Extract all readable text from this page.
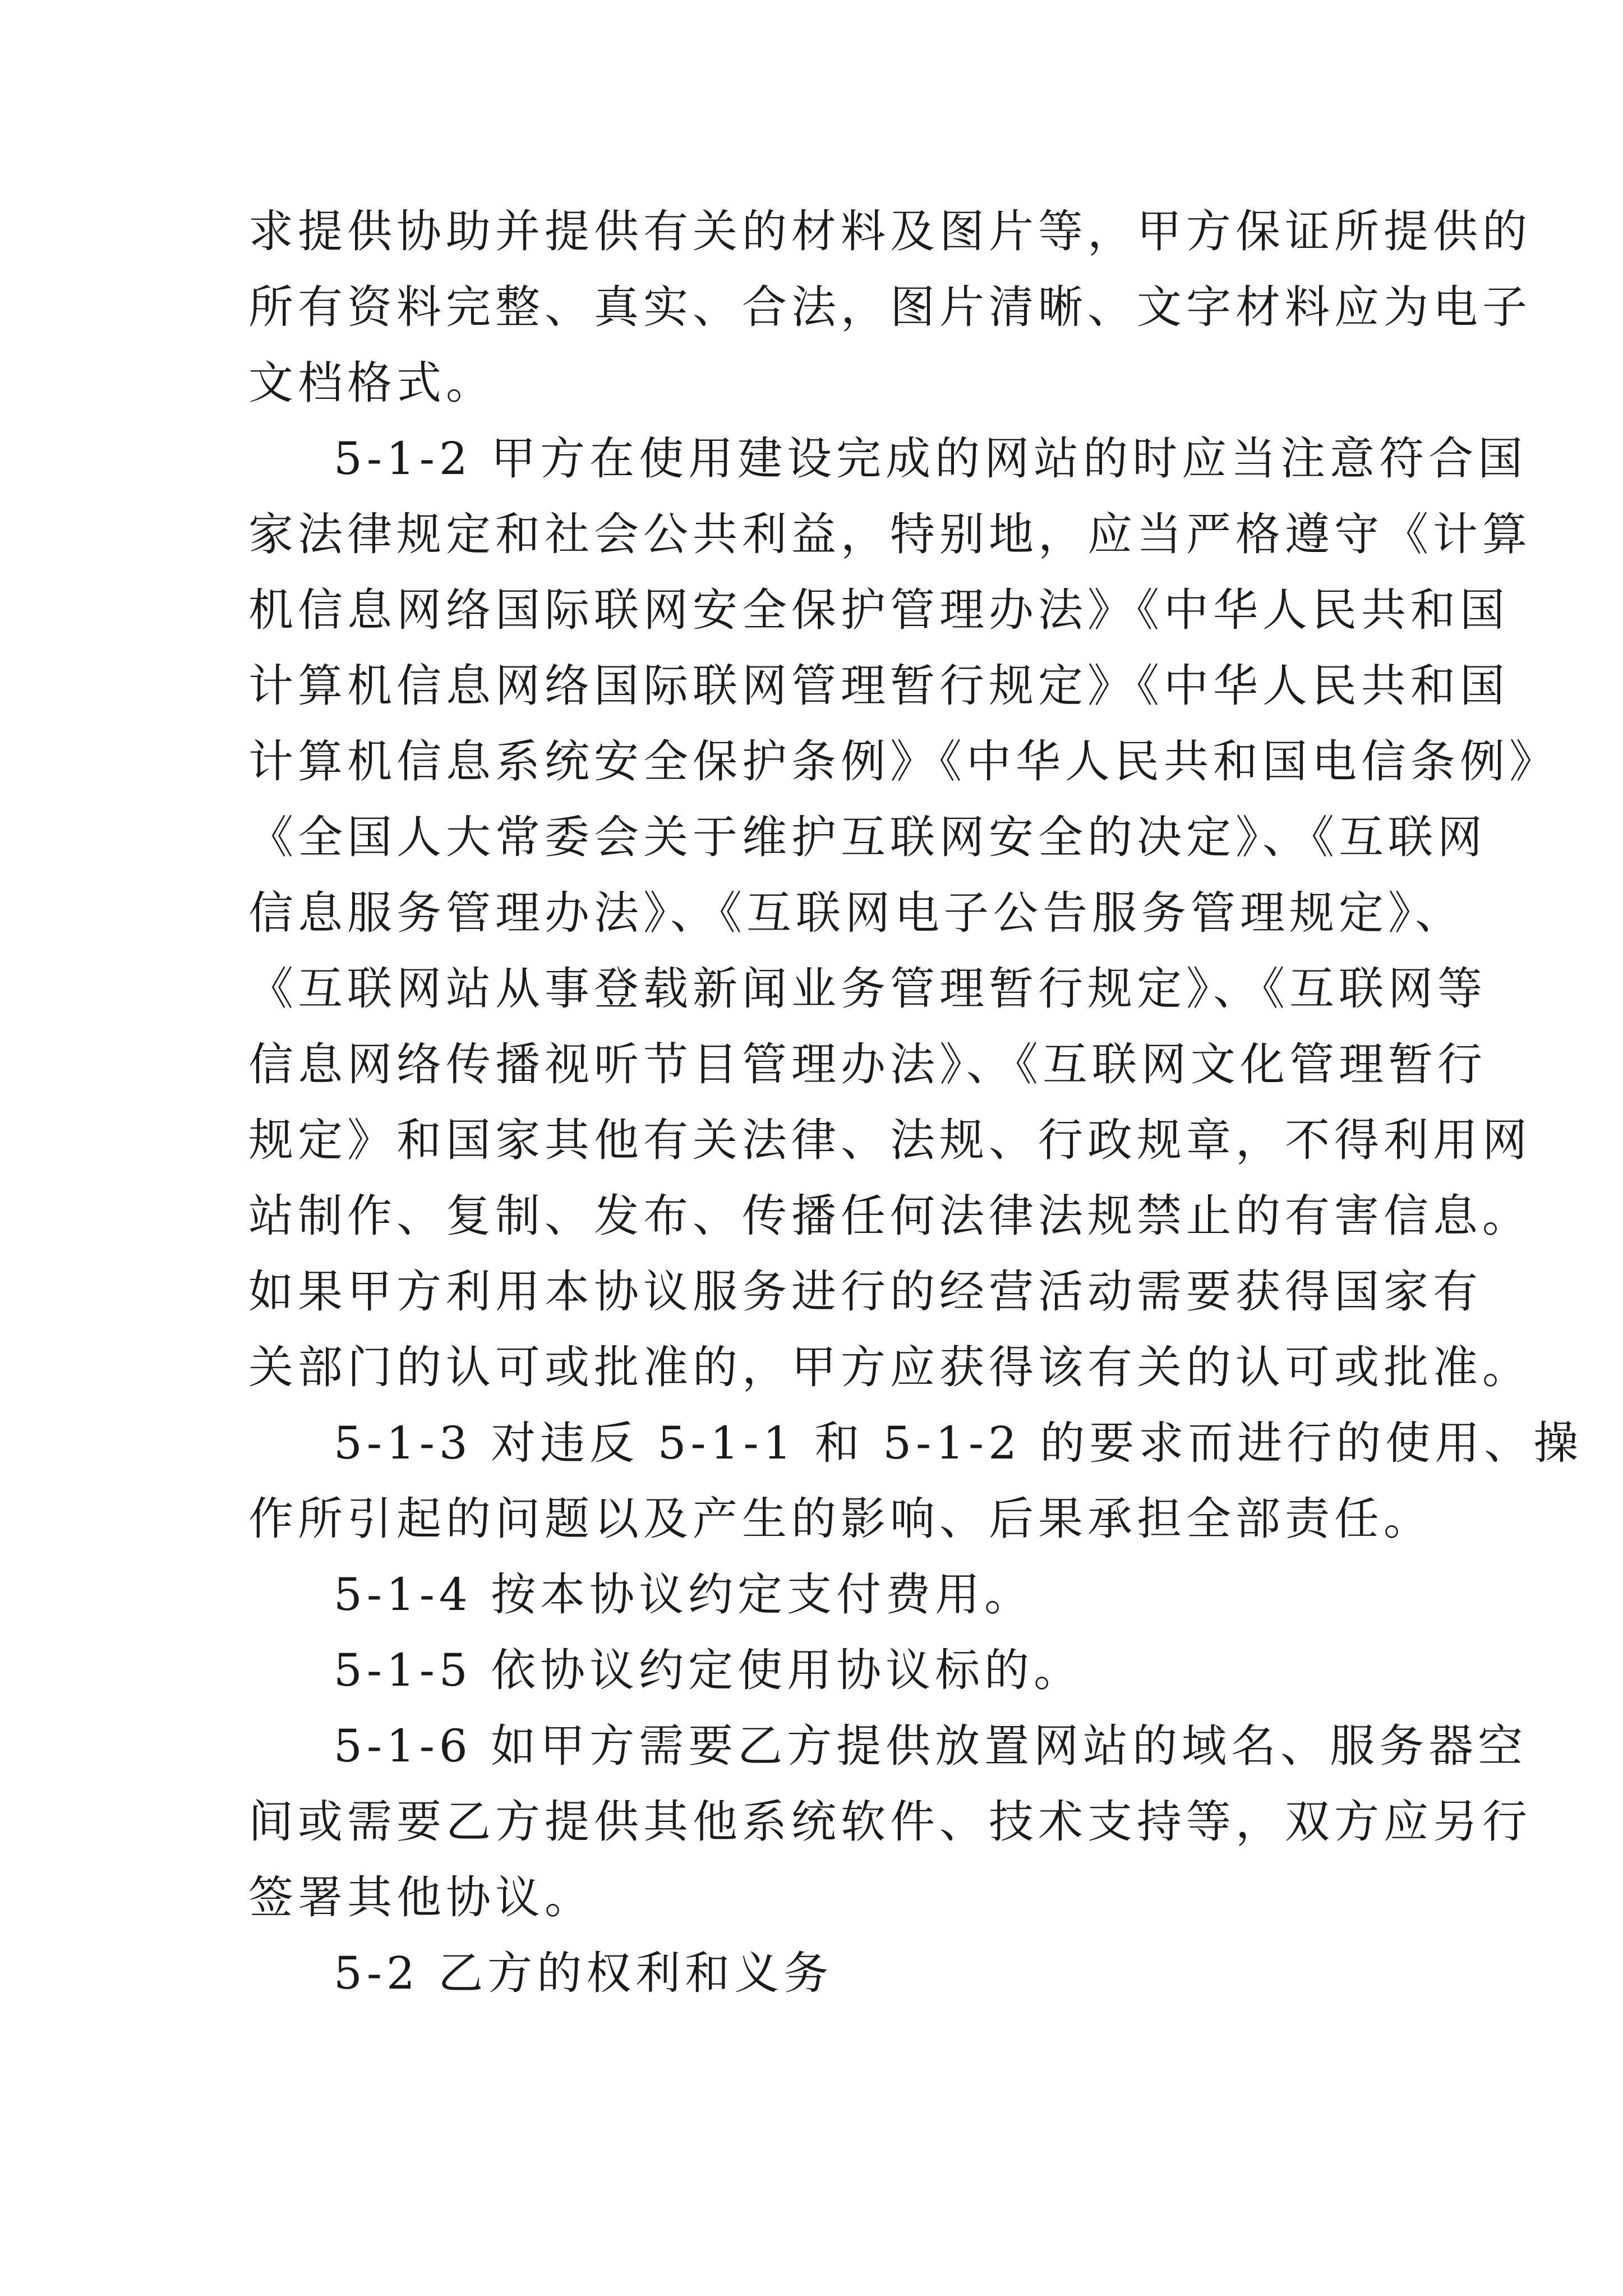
求提供协助并提供有关的材料及图片等，甲方保证所提供的
所有资料完整、真实、合法，图片清晰、文字材料应为电子
文档格式。
5-1-2 甲方在使用建设完成的网站的时应当注意符合国
家法律规定和社会公共利益，特别地，应当严格遵守《计算
机信息网络国际联网安全保护管理办法》《中华人民共和国
计算机信息网络国际联网管理暂行规定》《中华人民共和国
计算机信息系统安全保护条例》《中华人民共和国电信条例》
《全国人大常委会关于维护互联网安全的决定》、《互联网
信息服务管理办法》、《互联网电子公告服务管理规定》、
《互联网站从事登载新闻业务管理暂行规定》、《互联网等
信息网络传播视听节目管理办法》、《互联网文化管理暂行
规定》和国家其他有关法律、法规、行政规章，不得利用网
站制作、复制、发布、传播任何法律法规禁止的有害信息。
如果甲方利用本协议服务进行的经营活动需要获得国家有
关部门的认可或批准的，甲方应获得该有关的认可或批准。
5-1-3 对违反 5-1-1 和 5-1-2 的要求而进行的使用、操
作所引起的问题以及产生的影响、后果承担全部责任。
5-1-4 按本协议约定支付费用。
5-1-5 依协议约定使用协议标的。
5-1-6 如甲方需要乙方提供放置网站的域名、服务器空
间或需要乙方提供其他系统软件、技术支持等，双方应另行
签署其他协议。
5-2 乙方的权利和义务
